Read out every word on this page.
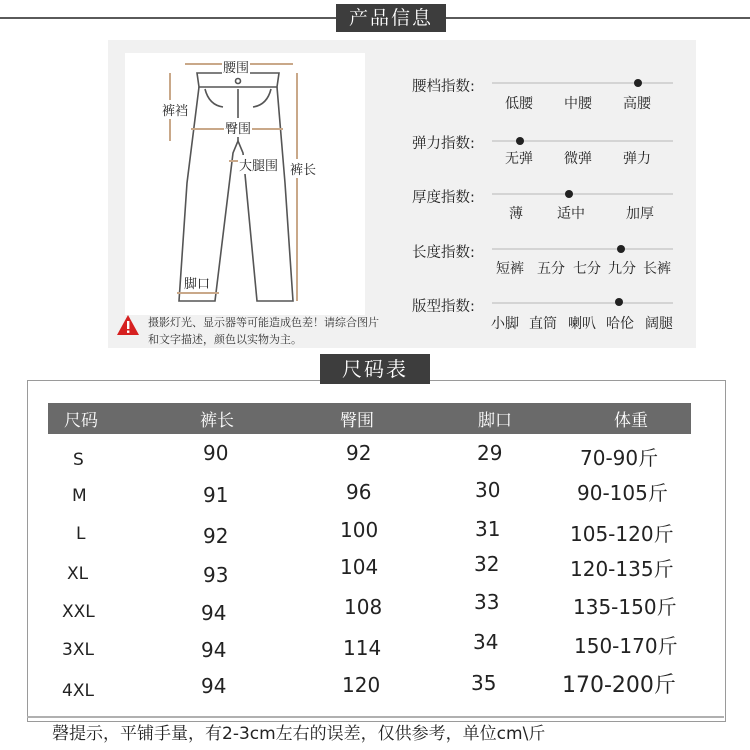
产品信息
腰围
裤裆
臀围
大腿围 裤长
脚口
摄影灯光、显示器等可能造成色差！请综合图片和文字描述，颜色以实物为主。
腰档指数:
低腰 中腰 高腰
弹力指数:
无弹 微弹 弹力
厚度指数:
薄 适中	加厚
长度指数:
短裤 五分 七分 九分 长裤
版型指数:
小脚 直筒 喇叭 哈伦 阔腿
尺码表
尺码	裤长	臀围	脚口	体重
S	90	92	29	70-90斤
M	91	96	30	90-105斤
L	92	100	31	105-120斤
XL	93	104	32	120-135斤
XXL	94	108	33	135-150斤
3XL	94	114	34	150-170斤
4XL	94	120	35	170-200斤
磬提示，平铺手量，有2-3cm左右的误差，仅供参考，单位cm\斤
